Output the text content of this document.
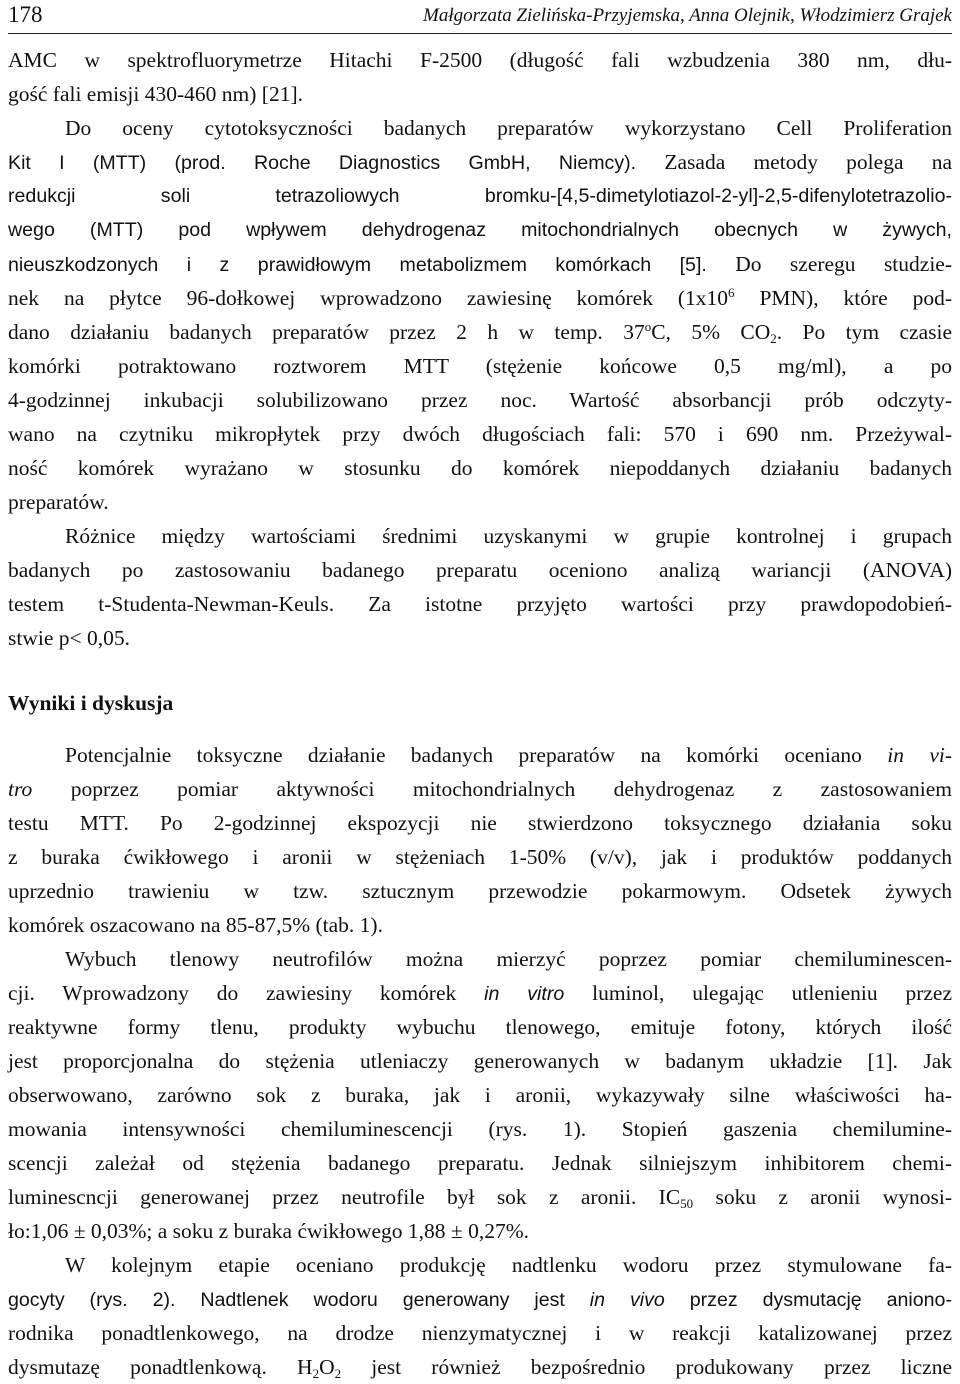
178	Małgorzata Zielińska-Przyjemska, Anna Olejnik, Włodzimierz Grajek
AMC w spektrofluorymetrze Hitachi F-2500 (długość fali wzbudzenia 380 nm, dłu-
gość fali emisji 430-460 nm) [21].
Do oceny cytotoksyczności badanych preparatów wykorzystano Cell Proliferation
Kit I (MTT) (prod. Roche Diagnostics GmbH, Niemcy). Zasada metody polega na
redukcji soli tetrazoliowych bromku-[4,5-dimetylotiazol-2-yl]-2,5-difenylotetrazolio-
wego (MTT) pod wpływem dehydrogenaz mitochondrialnych obecnych w żywych,
nieuszkodzonych i z prawidłowym metabolizmem komórkach [5]. Do szeregu studzie-
nek na płytce 96-dołkowej wprowadzono zawiesinę komórek ($1x10^6$ PMN), które pod-
dano działaniu badanych preparatów przez 2 h w temp. 37$^o$C, 5% $CO_2$. Po tym czasie
komórki potraktowano roztworem MTT (stężenie końcowe 0,5 mg/ml), a po
4-godzinnej inkubacji solubilizowano przez noc. Wartość absorbancji prób odczyty-
wano na czytniku mikropłytek przy dwóch długościach fali: 570 i 690 nm. Przeżywal-
ność komórek wyrażano w stosunku do komórek niepoddanych działaniu badanych
preparatów.
Różnice między wartościami średnimi uzyskanymi w grupie kontrolnej i grupach
badanych po zastosowaniu badanego preparatu oceniono analizą wariancji (ANOVA)
testem t-Studenta-Newman-Keuls. Za istotne przyjęto wartości przy prawdopodobień-
stwie p< 0,05.
Wyniki i dyskusja
Potencjalnie toksyczne działanie badanych preparatów na komórki oceniano in vi-
tro poprzez pomiar aktywności mitochondrialnych dehydrogenaz z zastosowaniem
testu MTT. Po 2-godzinnej ekspozycji nie stwierdzono toksycznego działania soku
z buraka ćwikłowego i aronii w stężeniach 1-50% (v/v), jak i produktów poddanych
uprzednio trawieniu w tzw. sztucznym przewodzie pokarmowym. Odsetek żywych
komórek oszacowano na 85-87,5% (tab. 1).
Wybuch tlenowy neutrofilów można mierzyć poprzez pomiar chemiluminescen-
cji. Wprowadzony do zawiesiny komórek in vitro luminol, ulegając utlenieniu przez
reaktywne formy tlenu, produkty wybuchu tlenowego, emituje fotony, których ilość
jest proporcjonalna do stężenia utleniaczy generowanych w badanym układzie [1]. Jak
obserwowano, zarówno sok z buraka, jak i aronii, wykazywały silne właściwości ha-
mowania intensywności chemiluminescencji (rys. 1). Stopień gaszenia chemilumine-
scencji zależał od stężenia badanego preparatu. Jednak silniejszym inhibitorem chemi-
luminescncji generowanej przez neutrofile był sok z aronii. $IC_{50}$ soku z aronii wynosi-
ło:1,06 ± 0,03%; a soku z buraka ćwikłowego 1,88 ± 0,27%.
W kolejnym etapie oceniano produkcję nadtlenku wodoru przez stymulowane fa-
gocyty (rys. 2). Nadtlenek wodoru generowany jest in vivo przez dysmutację aniono-
rodnika ponadtlenkowego, na drodze nienzymatycznej i w reakcji katalizowanej przez
dysmutazę ponadtlenkową. $H_2O_2$ jest również bezpośrednio produkowany przez liczne
